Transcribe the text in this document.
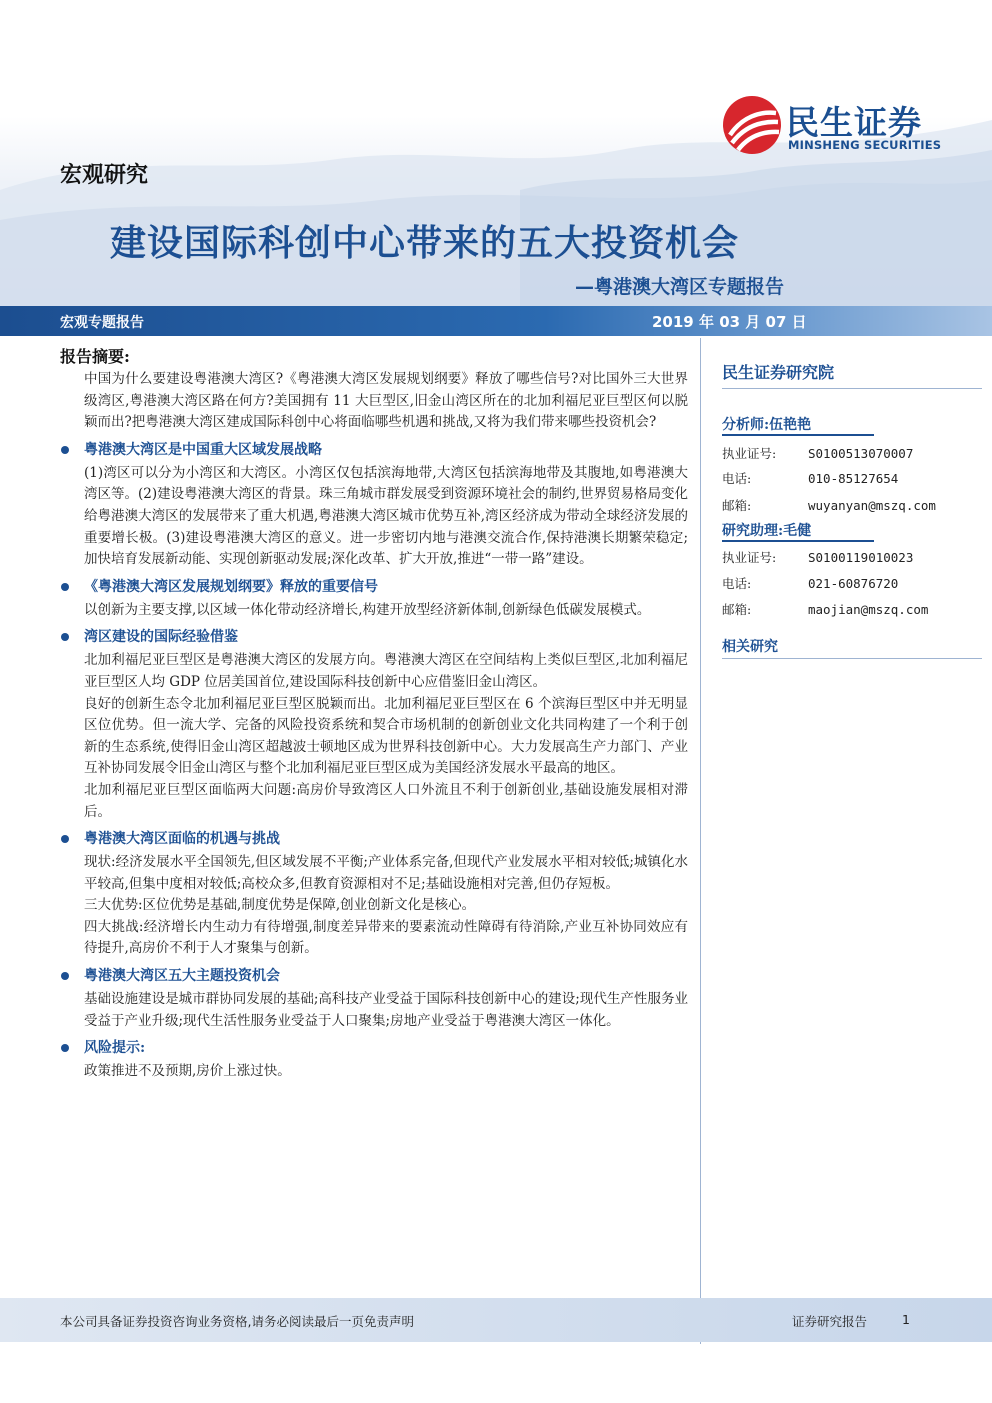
民生证券
MINSHENG SECURITIES
宏观研究
建设国际科创中心带来的五大投资机会
—粤港澳大湾区专题报告
宏观专题报告	2019 年 03 月 07 日
报告摘要:
中国为什么要建设粤港澳大湾区?《粤港澳大湾区发展规划纲要》释放了哪些信号?对比国外三大世界级湾区,粤港澳大湾区路在何方?美国拥有 11 大巨型区,旧金山湾区所在的北加利福尼亚巨型区何以脱颖而出?把粤港澳大湾区建成国际科创中心将面临哪些机遇和挑战,又将为我们带来哪些投资机会?
粤港澳大湾区是中国重大区域发展战略
(1)湾区可以分为小湾区和大湾区。小湾区仅包括滨海地带,大湾区包括滨海地带及其腹地,如粤港澳大湾区等。(2)建设粤港澳大湾区的背景。珠三角城市群发展受到资源环境社会的制约,世界贸易格局变化给粤港澳大湾区的发展带来了重大机遇,粤港澳大湾区城市优势互补,湾区经济成为带动全球经济发展的重要增长极。(3)建设粤港澳大湾区的意义。进一步密切内地与港澳交流合作,保持港澳长期繁荣稳定;加快培育发展新动能、实现创新驱动发展;深化改革、扩大开放,推进“一带一路”建设。
《粤港澳大湾区发展规划纲要》释放的重要信号
以创新为主要支撑,以区域一体化带动经济增长,构建开放型经济新体制,创新绿色低碳发展模式。
湾区建设的国际经验借鉴
北加利福尼亚巨型区是粤港澳大湾区的发展方向。粤港澳大湾区在空间结构上类似巨型区,北加利福尼亚巨型区人均 GDP 位居美国首位,建设国际科技创新中心应借鉴旧金山湾区。
良好的创新生态令北加利福尼亚巨型区脱颖而出。北加利福尼亚巨型区在 6 个滨海巨型区中并无明显区位优势。但一流大学、完备的风险投资系统和契合市场机制的创新创业文化共同构建了一个利于创新的生态系统,使得旧金山湾区超越波士顿地区成为世界科技创新中心。大力发展高生产力部门、产业互补协同发展令旧金山湾区与整个北加利福尼亚巨型区成为美国经济发展水平最高的地区。
北加利福尼亚巨型区面临两大问题:高房价导致湾区人口外流且不利于创新创业,基础设施发展相对滞后。
粤港澳大湾区面临的机遇与挑战
现状:经济发展水平全国领先,但区域发展不平衡;产业体系完备,但现代产业发展水平相对较低;城镇化水平较高,但集中度相对较低;高校众多,但教育资源相对不足;基础设施相对完善,但仍存短板。
三大优势:区位优势是基础,制度优势是保障,创业创新文化是核心。
四大挑战:经济增长内生动力有待增强,制度差异带来的要素流动性障碍有待消除,产业互补协同效应有待提升,高房价不利于人才聚集与创新。
粤港澳大湾区五大主题投资机会
基础设施建设是城市群协同发展的基础;高科技产业受益于国际科技创新中心的建设;现代生产性服务业受益于产业升级;现代生活性服务业受益于人口聚集;房地产业受益于粤港澳大湾区一体化。
风险提示:
政策推进不及预期,房价上涨过快。
民生证券研究院
分析师:伍艳艳
执业证号:	S0100513070007
电话:	010-85127654
邮箱:	wuyanyan@mszq.com
研究助理:毛健
执业证号:	S0100119010023
电话:	021-60876720
邮箱:	maojian@mszq.com
相关研究
本公司具备证券投资咨询业务资格,请务必阅读最后一页免责声明	证券研究报告	1
